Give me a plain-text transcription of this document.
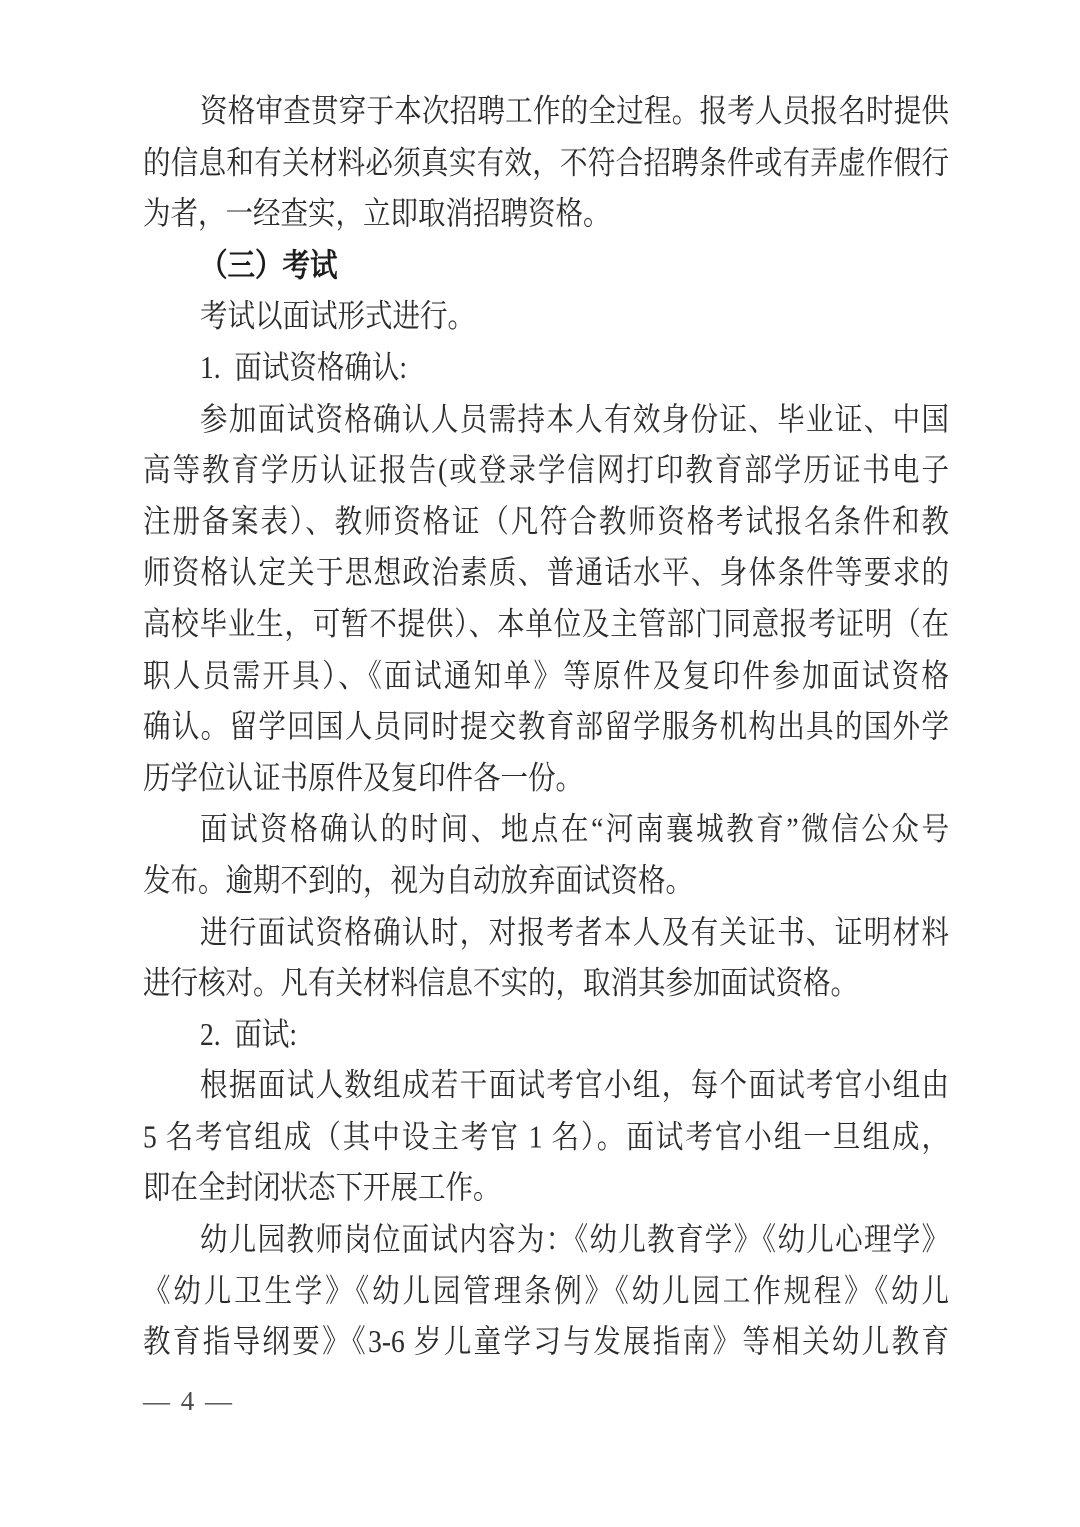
资格审查贯穿于本次招聘工作的全过程。报考人员报名时提供
的信息和有关材料必须真实有效，不符合招聘条件或有弄虚作假行
为者，一经查实，立即取消招聘资格。
（三）考试
考试以面试形式进行。
1.  面试资格确认:
参加面试资格确认人员需持本人有效身份证、毕业证、中国
高等教育学历认证报告(或登录学信网打印教育部学历证书电子
注册备案表）、教师资格证（凡符合教师资格考试报名条件和教
师资格认定关于思想政治素质、普通话水平、身体条件等要求的
高校毕业生，可暂不提供）、本单位及主管部门同意报考证明（在
职人员需开具）、《面试通知单》等原件及复印件参加面试资格
确认。留学回国人员同时提交教育部留学服务机构出具的国外学
历学位认证书原件及复印件各一份。
面试资格确认的时间、地点在“河南襄城教育”微信公众号
发布。逾期不到的，视为自动放弃面试资格。
进行面试资格确认时，对报考者本人及有关证书、证明材料
进行核对。凡有关材料信息不实的，取消其参加面试资格。
2.  面试:
根据面试人数组成若干面试考官小组，每个面试考官小组由
5 名考官组成（其中设主考官 1 名）。面试考官小组一旦组成，
即在全封闭状态下开展工作。
幼儿园教师岗位面试内容为：《幼儿教育学》《幼儿心理学》
《幼儿卫生学》《幼儿园管理条例》《幼儿园工作规程》《幼儿
教育指导纲要》《3-6 岁儿童学习与发展指南》等相关幼儿教育
— 4 —
